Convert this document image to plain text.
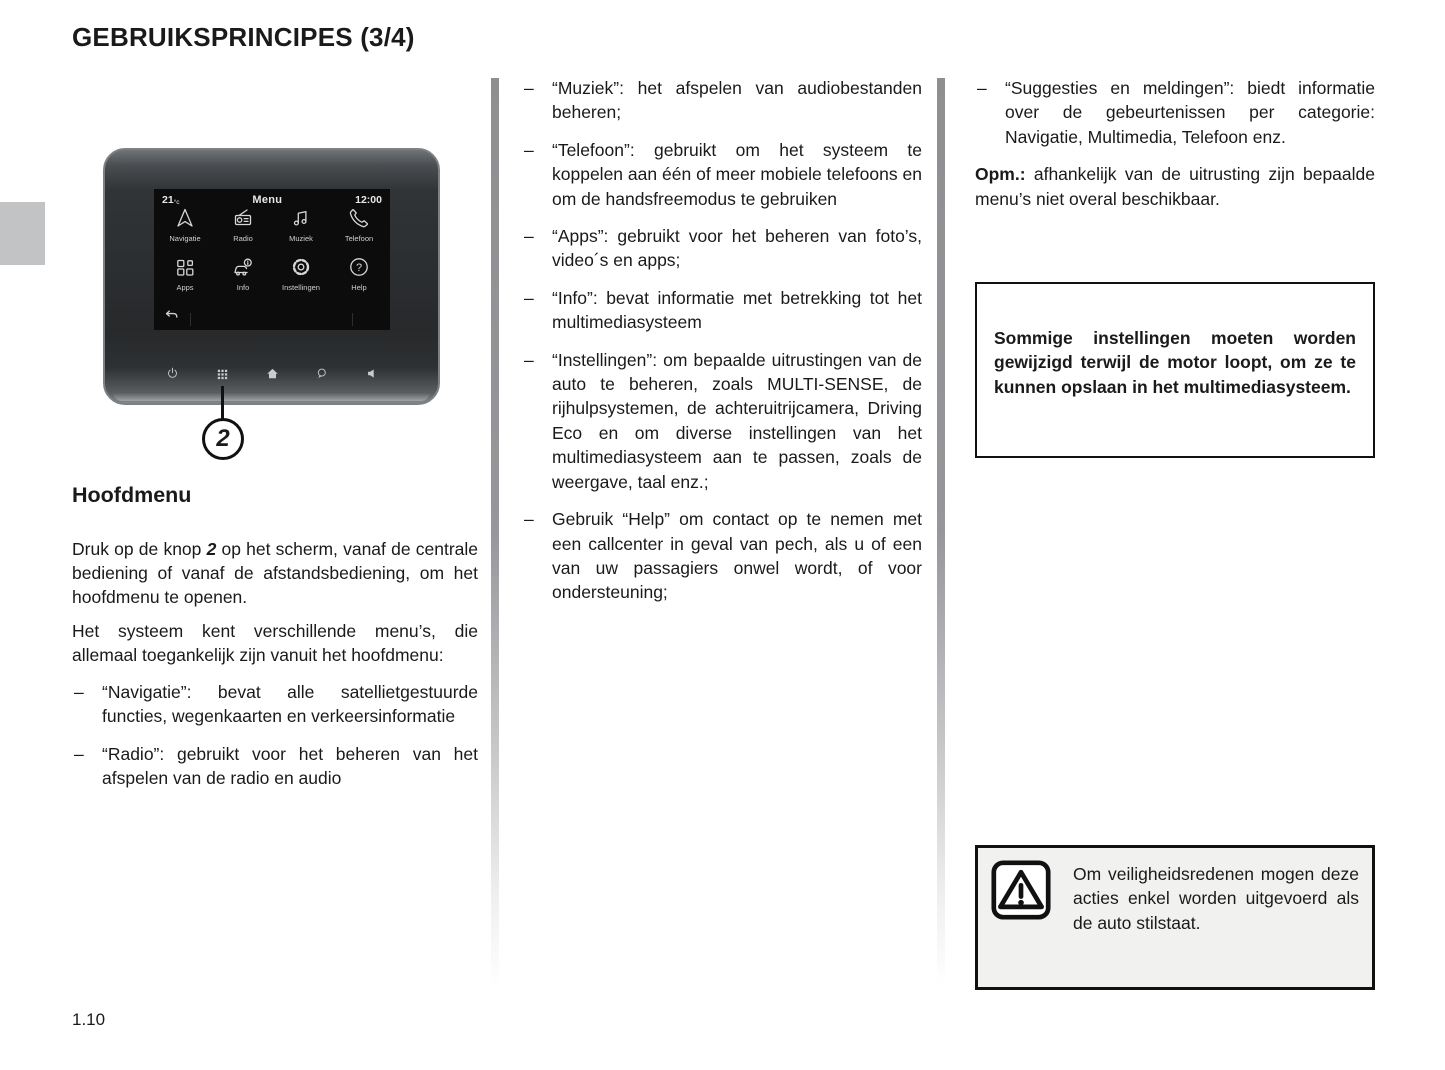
GEBRUIKSPRINCIPES (3/4)
21°c	Menu	12:00
Navigatie	Radio	Muziek	Telefoon
Apps	Info	Instellingen
?
Help
2
Hoofdmenu

Druk op de knop 2 op het scherm, vanaf de centrale bediening of vanaf de afstandsbediening, om het hoofdmenu te openen.

Het systeem kent verschillende menu’s, die allemaal toegankelijk zijn vanuit het hoofdmenu:

– “Navigatie”: bevat alle satellietgestuurde functies, wegenkaarten en verkeersinformatie
– “Radio”: gebruikt voor het beheren van het afspelen van de radio en audio
– “Muziek”: het afspelen van audiobestanden beheren;
– “Telefoon”: gebruikt om het systeem te koppelen aan één of meer mobiele telefoons en om de handsfreemodus te gebruiken
– “Apps”: gebruikt voor het beheren van foto’s, video´s en apps;
– “Info”: bevat informatie met betrekking tot het multimediasysteem
– “Instellingen”: om bepaalde uitrustingen van de auto te beheren, zoals MULTI-SENSE, de rijhulpsystemen, de achteruitrijcamera, Driving Eco en om diverse instellingen van het multimediasysteem aan te passen, zoals de weergave, taal enz.;
– Gebruik “Help” om contact op te nemen met een callcenter in geval van pech, als u of een van uw passagiers onwel wordt, of voor ondersteuning;
– “Suggesties en meldingen”: biedt informatie over de gebeurtenissen per categorie: Navigatie, Multimedia, Telefoon enz.

Opm.: afhankelijk van de uitrusting zijn bepaalde menu’s niet overal beschikbaar.

Sommige instellingen moeten worden gewijzigd terwijl de motor loopt, om ze te kunnen opslaan in het multimediasysteem.
Om veiligheidsredenen mogen deze acties enkel worden uitgevoerd als de auto stilstaat.
1.10
